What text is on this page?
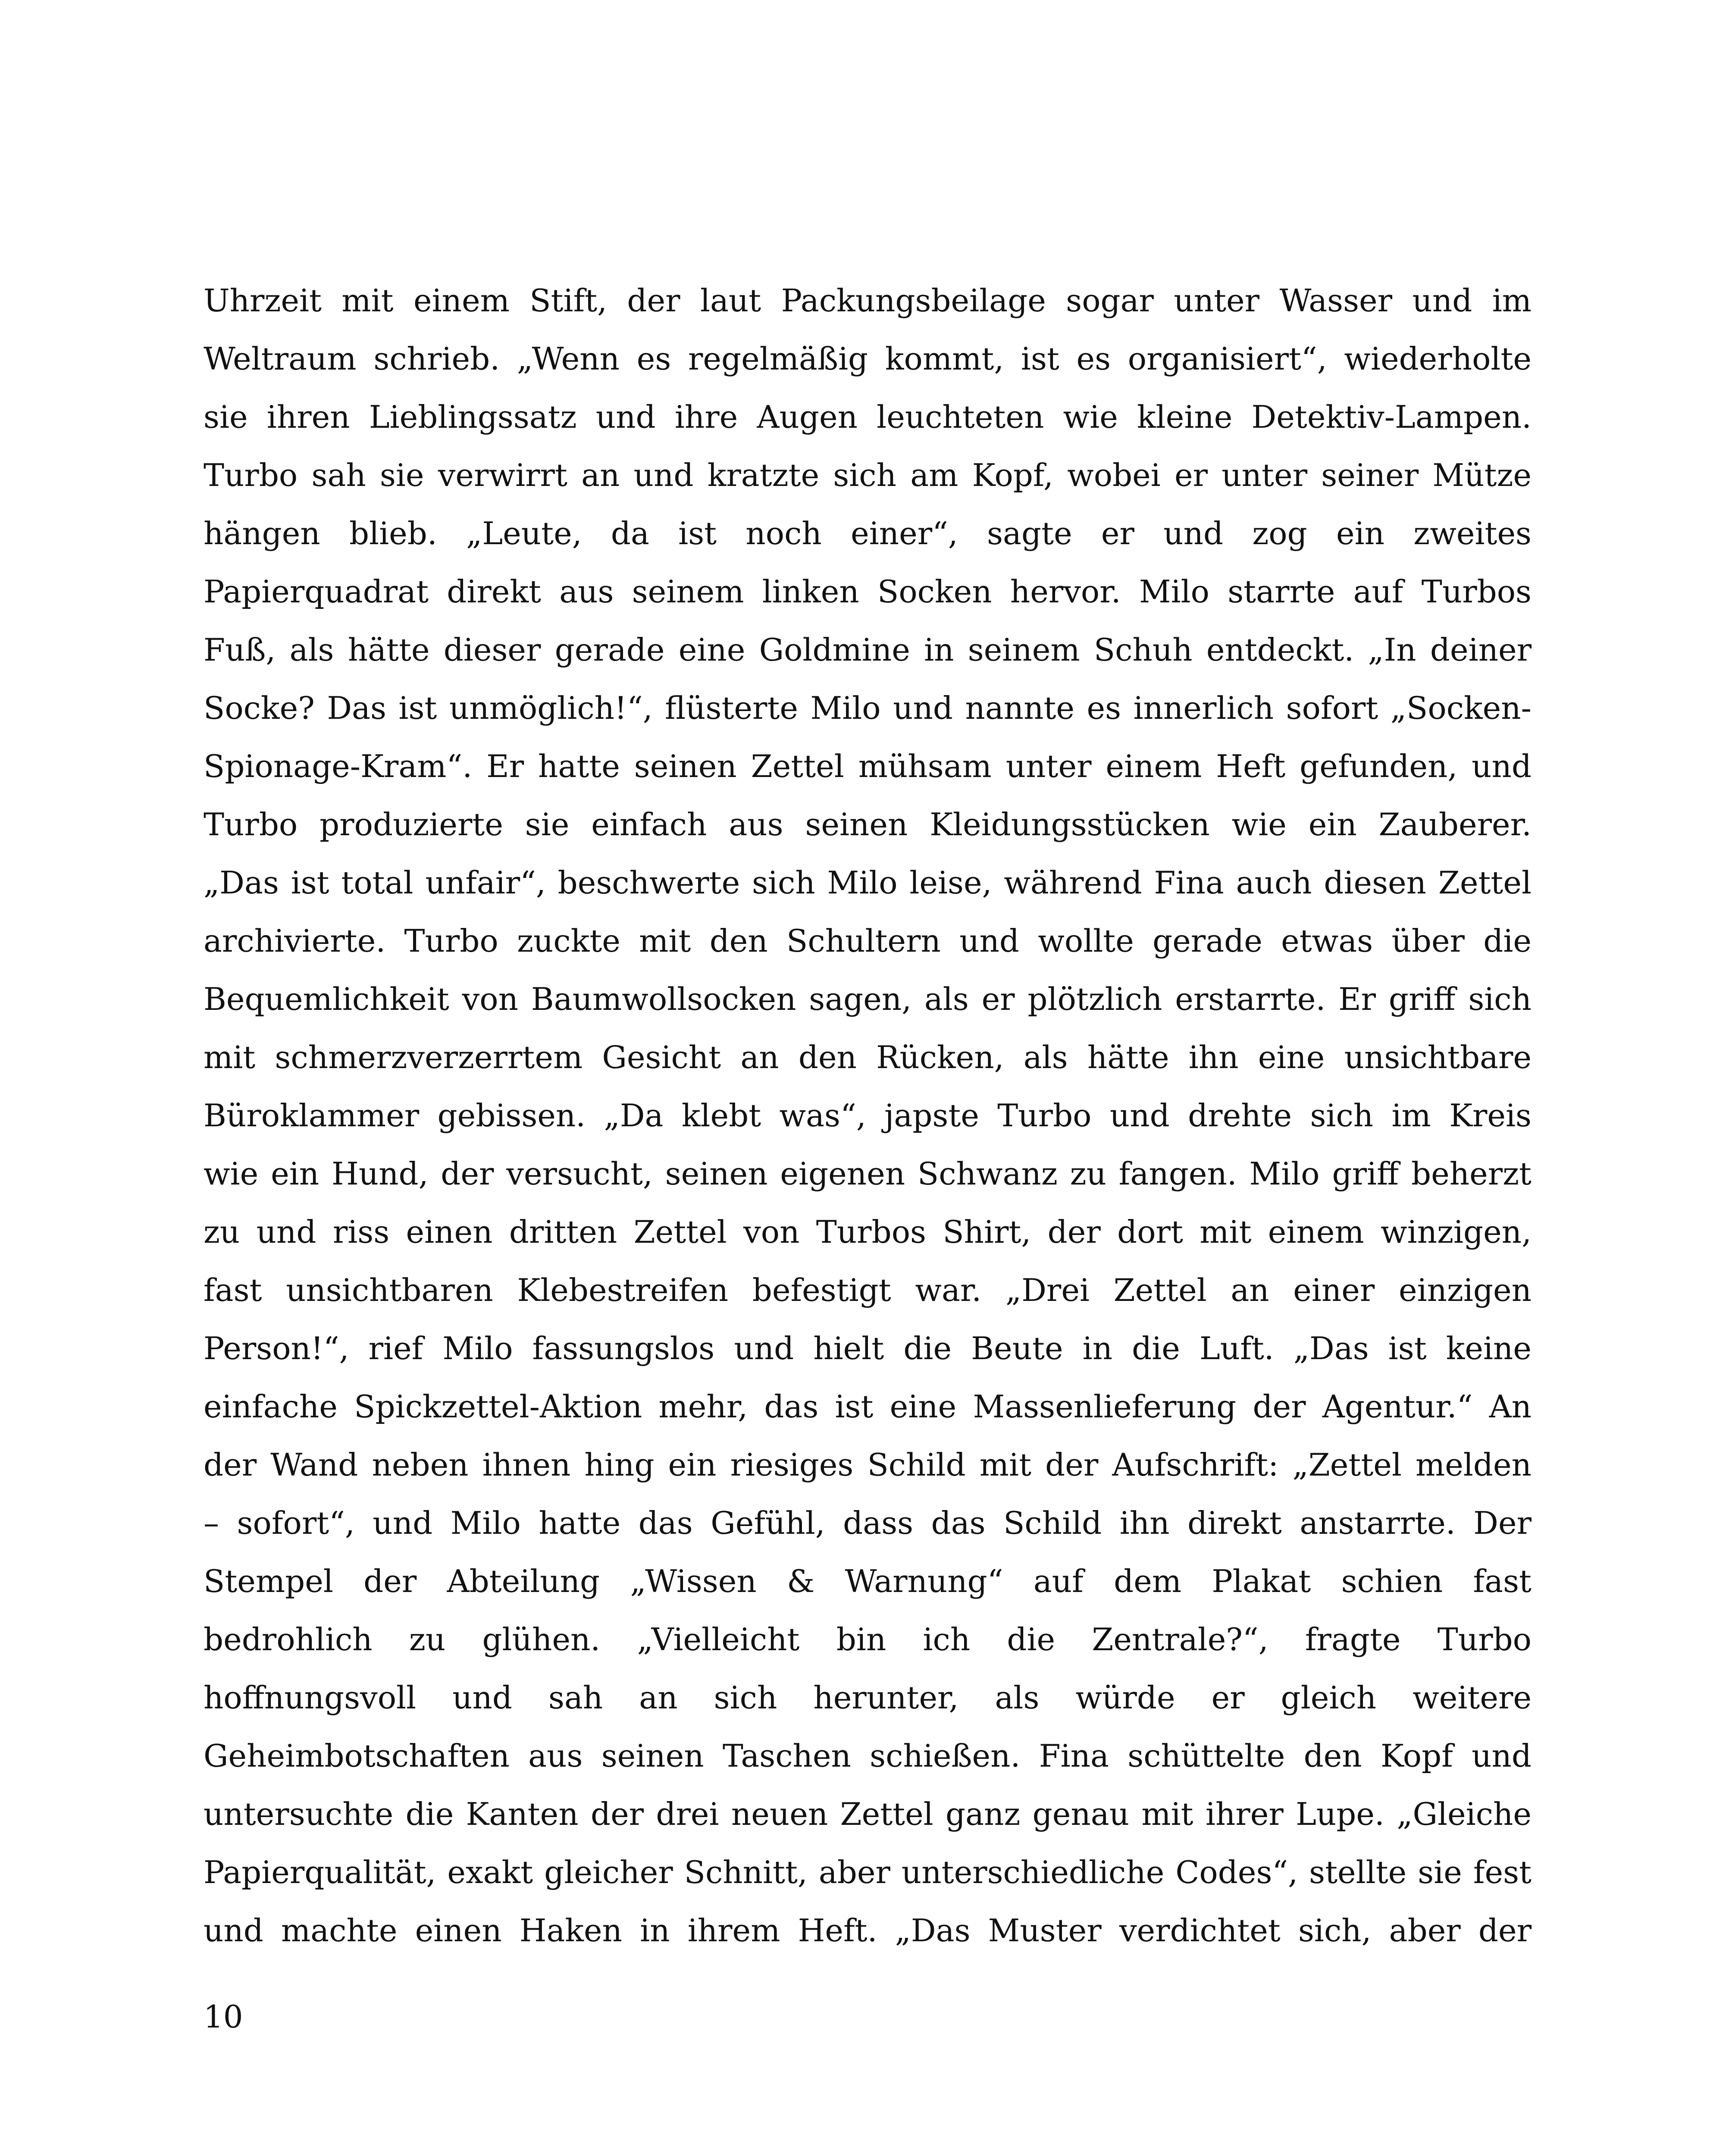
Uhrzeit mit einem Stift, der laut Packungsbeilage sogar unter Wasser und im
Weltraum schrieb. „Wenn es regelmäßig kommt, ist es organisiert“, wiederholte
sie ihren Lieblingssatz und ihre Augen leuchteten wie kleine Detektiv-Lampen.
Turbo sah sie verwirrt an und kratzte sich am Kopf, wobei er unter seiner Mütze
hängen blieb. „Leute, da ist noch einer“, sagte er und zog ein zweites
Papierquadrat direkt aus seinem linken Socken hervor. Milo starrte auf Turbos
Fuß, als hätte dieser gerade eine Goldmine in seinem Schuh entdeckt. „In deiner
Socke? Das ist unmöglich!“, flüsterte Milo und nannte es innerlich sofort „Socken-
Spionage-Kram“. Er hatte seinen Zettel mühsam unter einem Heft gefunden, und
Turbo produzierte sie einfach aus seinen Kleidungsstücken wie ein Zauberer.
„Das ist total unfair“, beschwerte sich Milo leise, während Fina auch diesen Zettel
archivierte. Turbo zuckte mit den Schultern und wollte gerade etwas über die
Bequemlichkeit von Baumwollsocken sagen, als er plötzlich erstarrte. Er griff sich
mit schmerzverzerrtem Gesicht an den Rücken, als hätte ihn eine unsichtbare
Büroklammer gebissen. „Da klebt was“, japste Turbo und drehte sich im Kreis
wie ein Hund, der versucht, seinen eigenen Schwanz zu fangen. Milo griff beherzt
zu und riss einen dritten Zettel von Turbos Shirt, der dort mit einem winzigen,
fast unsichtbaren Klebestreifen befestigt war. „Drei Zettel an einer einzigen
Person!“, rief Milo fassungslos und hielt die Beute in die Luft. „Das ist keine
einfache Spickzettel-Aktion mehr, das ist eine Massenlieferung der Agentur.“ An
der Wand neben ihnen hing ein riesiges Schild mit der Aufschrift: „Zettel melden
– sofort“, und Milo hatte das Gefühl, dass das Schild ihn direkt anstarrte. Der
Stempel der Abteilung „Wissen & Warnung“ auf dem Plakat schien fast
bedrohlich zu glühen. „Vielleicht bin ich die Zentrale?“, fragte Turbo
hoffnungsvoll und sah an sich herunter, als würde er gleich weitere
Geheimbotschaften aus seinen Taschen schießen. Fina schüttelte den Kopf und
untersuchte die Kanten der drei neuen Zettel ganz genau mit ihrer Lupe. „Gleiche
Papierqualität, exakt gleicher Schnitt, aber unterschiedliche Codes“, stellte sie fest
und machte einen Haken in ihrem Heft. „Das Muster verdichtet sich, aber der

10
